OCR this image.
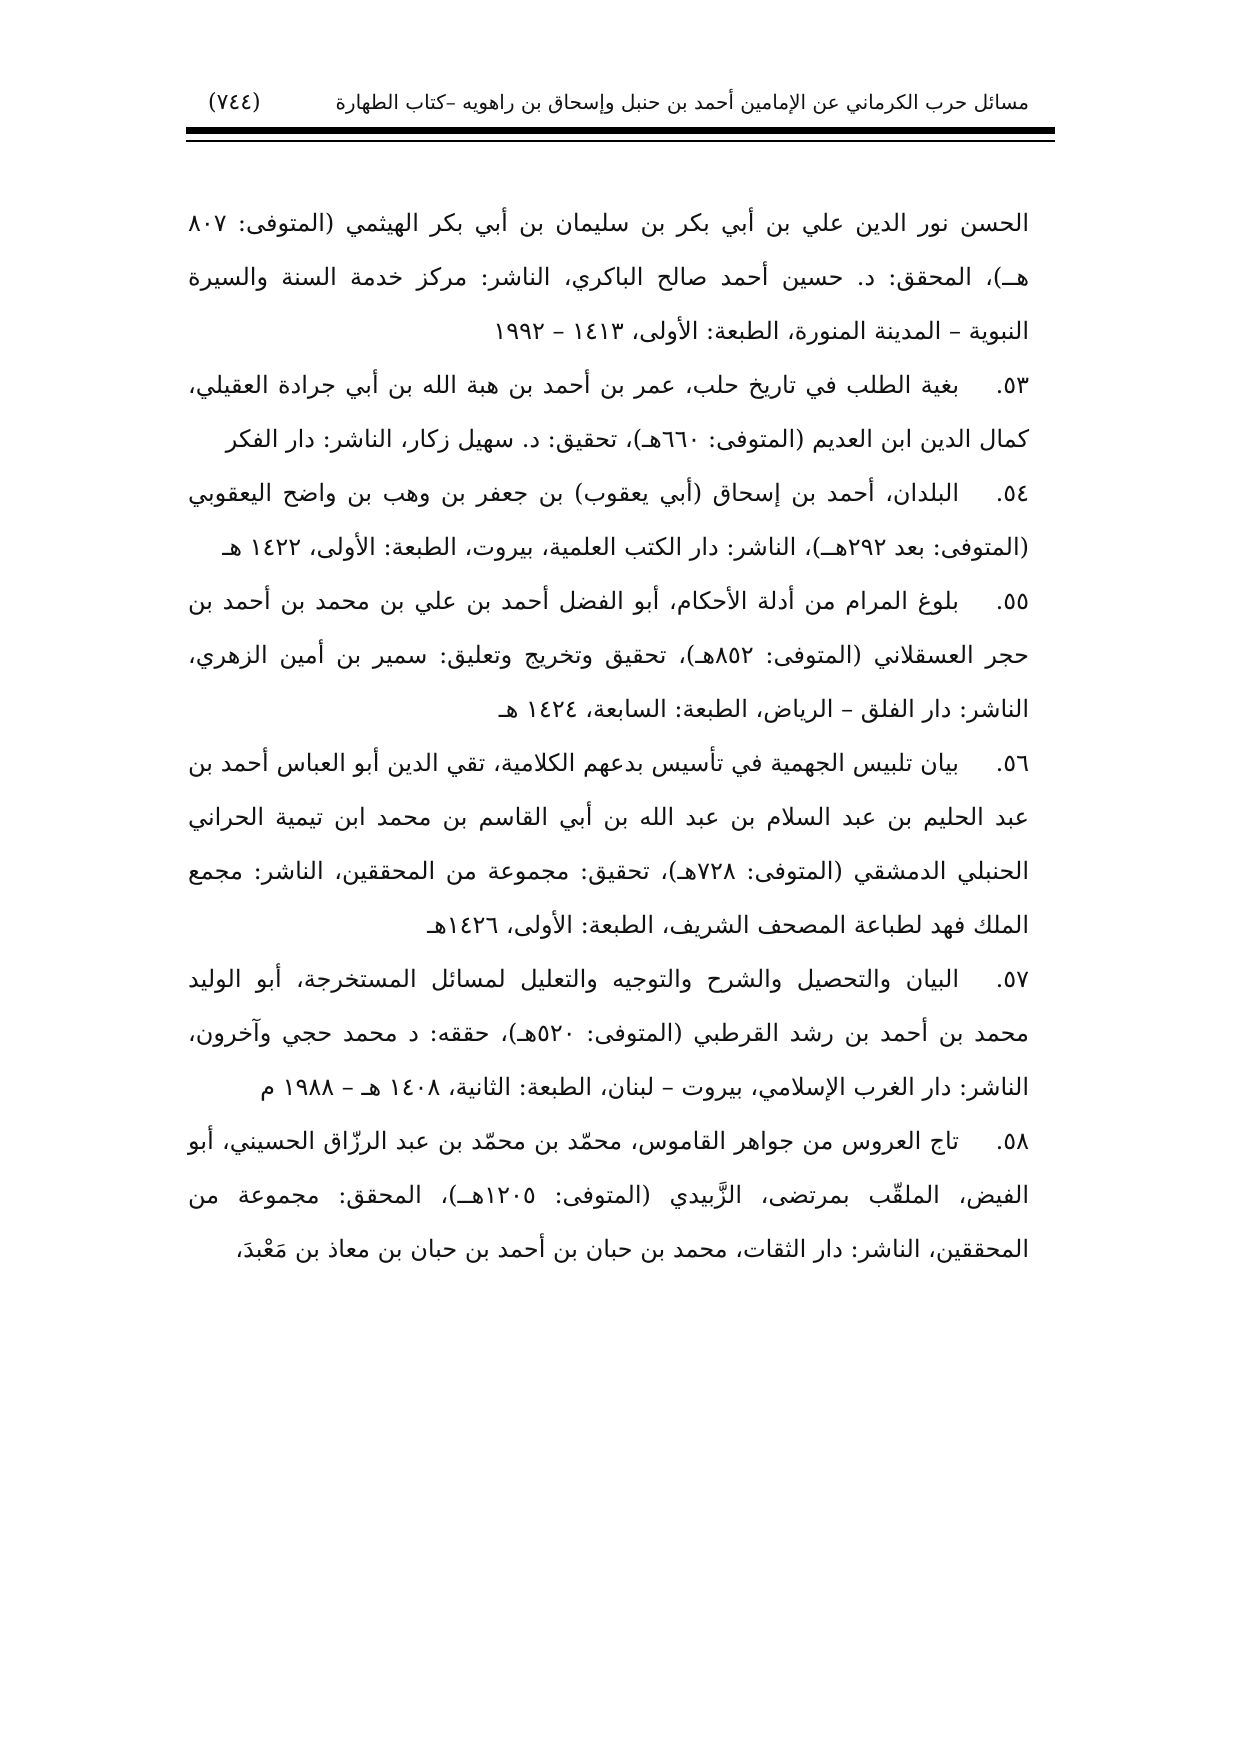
مسائل حرب الكرماني عن الإمامين أحمد بن حنبل وإسحاق بن راهويه –كتاب الطهارة
(٧٤٤)

الحسن نور الدين علي بن أبي بكر بن سليمان بن أبي بكر الهيثمي (المتوفى: ٨٠٧ هــ)، المحقق: د. حسين أحمد صالح الباكري، الناشر: مركز خدمة السنة والسيرة النبوية – المدينة المنورة، الطبعة: الأولى، ١٤١٣ – ١٩٩٢

٥٣.بغية الطلب في تاريخ حلب، عمر بن أحمد بن هبة الله بن أبي جرادة العقيلي، كمال الدين ابن العديم (المتوفى: ٦٦٠هـ)، تحقيق: د. سهيل زكار، الناشر: دار الفكر

٥٤.البلدان، أحمد بن إسحاق (أبي يعقوب) بن جعفر بن وهب بن واضح اليعقوبي (المتوفى: بعد ٢٩٢هــ)، الناشر: دار الكتب العلمية، بيروت، الطبعة: الأولى، ١٤٢٢ هـ

٥٥.بلوغ المرام من أدلة الأحكام، أبو الفضل أحمد بن علي بن محمد بن أحمد بن حجر العسقلاني (المتوفى: ٨٥٢هـ)، تحقيق وتخريج وتعليق: سمير بن أمين الزهري، الناشر: دار الفلق – الرياض، الطبعة: السابعة، ١٤٢٤ هـ

٥٦.بيان تلبيس الجهمية في تأسيس بدعهم الكلامية، تقي الدين أبو العباس أحمد بن عبد الحليم بن عبد السلام بن عبد الله بن أبي القاسم بن محمد ابن تيمية الحراني الحنبلي الدمشقي (المتوفى: ٧٢٨هـ)، تحقيق: مجموعة من المحققين، الناشر: مجمع الملك فهد لطباعة المصحف الشريف، الطبعة: الأولى، ١٤٢٦هـ

٥٧.البيان والتحصيل والشرح والتوجيه والتعليل لمسائل المستخرجة، أبو الوليد محمد بن أحمد بن رشد القرطبي (المتوفى: ٥٢٠هـ)، حققه: د محمد حجي وآخرون، الناشر: دار الغرب الإسلامي، بيروت – لبنان، الطبعة: الثانية، ١٤٠٨ هـ – ١٩٨٨ م

٥٨.تاج العروس من جواهر القاموس، محمّد بن محمّد بن عبد الرزّاق الحسيني، أبو الفيض، الملقّب بمرتضى، الزَّبيدي (المتوفى: ١٢٠٥هــ)، المحقق: مجموعة من المحققين، الناشر: دار الثقات، محمد بن حبان بن أحمد بن حبان بن معاذ بن مَعْبدَ،
